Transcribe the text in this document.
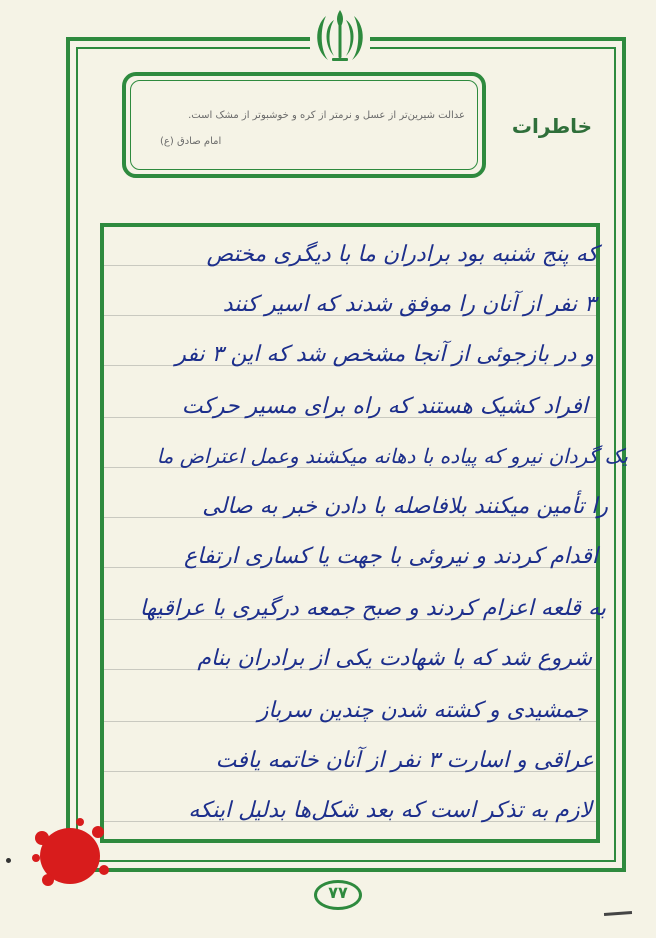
عدالت شیرین‌تر از عسل و نرمتر از کره و خوشبوتر از مشک است.
امام صادق (ع)
خاطرات
که پنج شنبه بود برادران ما با دیگری مختص
۳ نفر از آنان را موفق شدند که اسیر کنند
و در بازجوئی از آنجا مشخص شد که این ۳ نفر
افراد کشیک هستند که راه برای مسیر حرکت
یک گردان نیرو که پیاده با دهانه میکشند وعمل اعتراض ما
را تأمین میکنند بلافاصله با دادن خبر به صالی
اقدام کردند و نیروئی با جهت یا کساری ارتفاع
به قلعه اعزام کردند و صبح جمعه درگیری با عراقیها
شروع شد که با شهادت یکی از برادران بنام
جمشیدی و کشته شدن چندین سرباز
عراقی و اسارت ۳ نفر از آنان خاتمه یافت
لازم به تذکر است که بعد شکل‌ها بدلیل اینکه
۷۷
